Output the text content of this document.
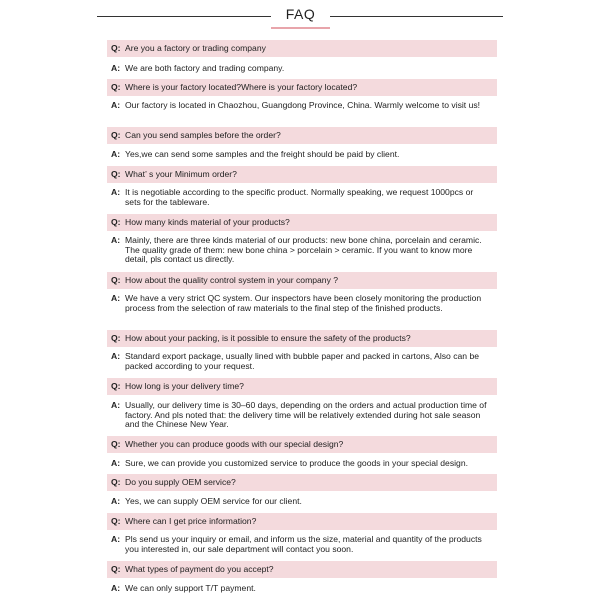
FAQ
Q: Are you a factory or trading company
A: We are both factory and trading company.
Q: Where is your factory located?Where is your factory located?
A: Our factory is located in Chaozhou, Guangdong Province, China. Warmly welcome to visit us!
Q: Can you send samples before the order?
A: Yes,we can send some samples and the freight should be paid by client.
Q: What’ s your Minimum order?
A: It is negotiable according to the specific product. Normally speaking, we request 1000pcs or sets for the tableware.
Q: How many kinds material of your products?
A: Mainly, there are three kinds material of our products: new bone china, porcelain and ceramic. The quality grade of them: new bone china > porcelain > ceramic. If you want to know more detail, pls contact us directly.
Q: How about the quality control system in your company ?
A: We have a very strict QC system. Our inspectors have been closely monitoring the production process from the selection of raw materials to the final step of the finished products.
Q: How about your packing, is it possible to ensure the safety of the products?
A: Standard export package, usually lined with bubble paper and packed in cartons, Also can be packed according to your request.
Q: How long is your delivery time?
A: Usually, our delivery time is 30–60 days, depending on the orders and actual production time of factory. And pls noted that: the delivery time will be relatively extended during hot sale season and the Chinese New Year.
Q: Whether you can produce goods with our special design?
A: Sure, we can provide you customized service to produce the goods in your special design.
Q: Do you supply OEM service?
A: Yes, we can supply OEM service for our client.
Q: Where can I get price information?
A: Pls send us your inquiry or email, and inform us the size, material and quantity of the products you interested in, our sale department will contact you soon.
Q: What types of payment do you accept?
A: We can only support T/T payment.
